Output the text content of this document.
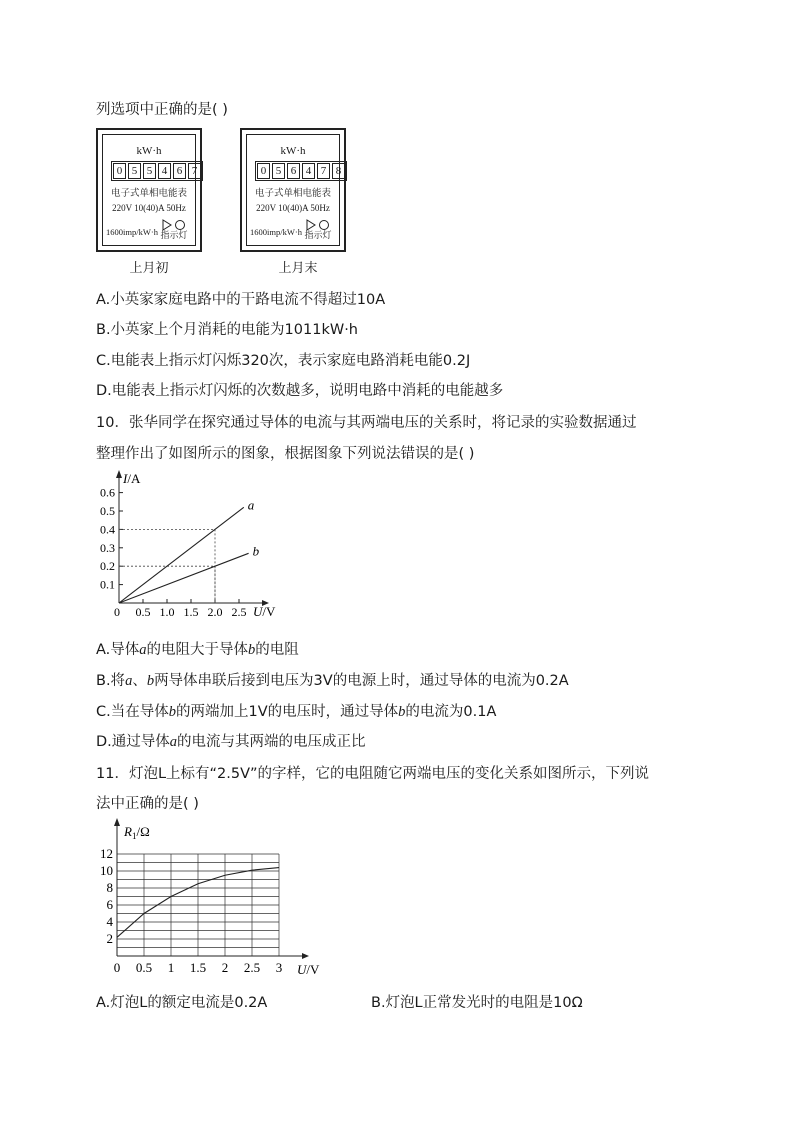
列选项中正确的是( )
kW·h
0 5 5 4 6 7
电子式单相电能表
220V 10(40)A 50Hz
1600imp/kW·h 指示灯
上月初
kW·h
0 5 6 4 7 8
电子式单相电能表
220V 10(40)A 50Hz
1600imp/kW·h 指示灯
上月末
A.小英家家庭电路中的干路电流不得超过10A
B.小英家上个月消耗的电能为1011kW·h
C.电能表上指示灯闪烁320次，表示家庭电路消耗电能0.2J
D.电能表上指示灯闪烁的次数越多，说明电路中消耗的电能越多
10．张华同学在探究通过导体的电流与其两端电压的关系时，将记录的实验数据通过
整理作出了如图所示的图象，根据图象下列说法错误的是( )
0.1
0.2
0.3
0.4
0.5
0.6
0.5 1.0 1.5 2.0 2.5
a
b
I/A
U/V
0
A.导体a的电阻大于导体b的电阻
B.将a、b两导体串联后接到电压为3V的电源上时，通过导体的电流为0.2A
C.当在导体b的两端加上1V的电压时，通过导体b的电流为0.1A
D.通过导体a的电流与其两端的电压成正比
11．灯泡L上标有“2.5V”的字样，它的电阻随它两端电压的变化关系如图所示，下列说
法中正确的是( )
2
4
6
8
10
12
0 0.5 1 1.5 2 2.5 3
$R_1/\Omega$
U/V
A.灯泡L的额定电流是0.2A	B.灯泡L正常发光时的电阻是10Ω
